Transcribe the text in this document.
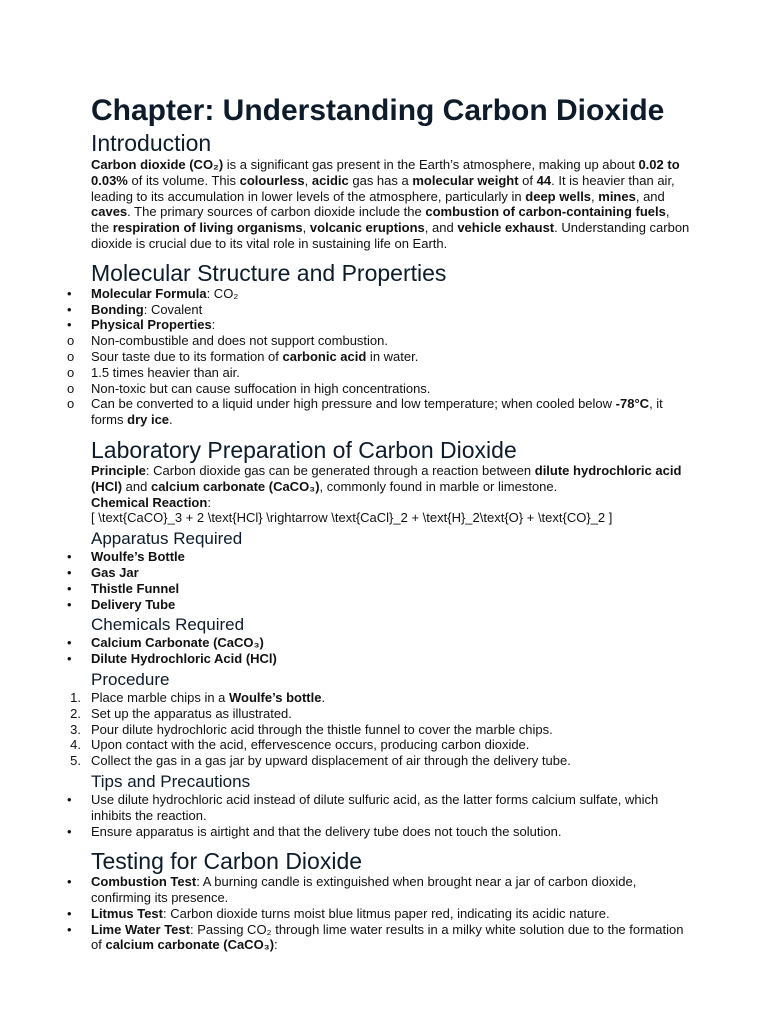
Chapter: Understanding Carbon Dioxide
Introduction

Carbon dioxide (CO₂) is a significant gas present in the Earth’s atmosphere, making up about 0.02 to 0.03% of its volume. This colourless, acidic gas has a molecular weight of 44. It is heavier than air, leading to its accumulation in lower levels of the atmosphere, particularly in deep wells, mines, and caves. The primary sources of carbon dioxide include the combustion of carbon-containing fuels, the respiration of living organisms, volcanic eruptions, and vehicle exhaust. Understanding carbon dioxide is crucial due to its vital role in sustaining life on Earth.

Molecular Structure and Properties
•	Molecular Formula: CO₂
•	Bonding: Covalent
•	Physical Properties:
o	Non-combustible and does not support combustion.
o	Sour taste due to its formation of carbonic acid in water.
o	1.5 times heavier than air.
o	Non-toxic but can cause suffocation in high concentrations.
o	Can be converted to a liquid under high pressure and low temperature; when cooled below -78°C, it forms dry ice.
Laboratory Preparation of Carbon Dioxide

Principle: Carbon dioxide gas can be generated through a reaction between dilute hydrochloric acid (HCl) and calcium carbonate (CaCO₃), commonly found in marble or limestone.

Chemical Reaction:

[ \text{CaCO}_3 + 2 \text{HCl} \rightarrow \text{CaCl}_2 + \text{H}_2\text{O} + \text{CO}_2 ]

Apparatus Required
•	Woulfe’s Bottle
•	Gas Jar
•	Thistle Funnel
•	Delivery Tube
Chemicals Required
•	Calcium Carbonate (CaCO₃)
•	Dilute Hydrochloric Acid (HCl)
Procedure
1. Place marble chips in a Woulfe’s bottle.
2. Set up the apparatus as illustrated.
3. Pour dilute hydrochloric acid through the thistle funnel to cover the marble chips.
4. Upon contact with the acid, effervescence occurs, producing carbon dioxide.
5. Collect the gas in a gas jar by upward displacement of air through the delivery tube.
Tips and Precautions
•	Use dilute hydrochloric acid instead of dilute sulfuric acid, as the latter forms calcium sulfate, which inhibits the reaction.
•	Ensure apparatus is airtight and that the delivery tube does not touch the solution.
Testing for Carbon Dioxide
•	Combustion Test: A burning candle is extinguished when brought near a jar of carbon dioxide, confirming its presence.
•	Litmus Test: Carbon dioxide turns moist blue litmus paper red, indicating its acidic nature.
•	Lime Water Test: Passing CO₂ through lime water results in a milky white solution due to the formation of calcium carbonate (CaCO₃):
